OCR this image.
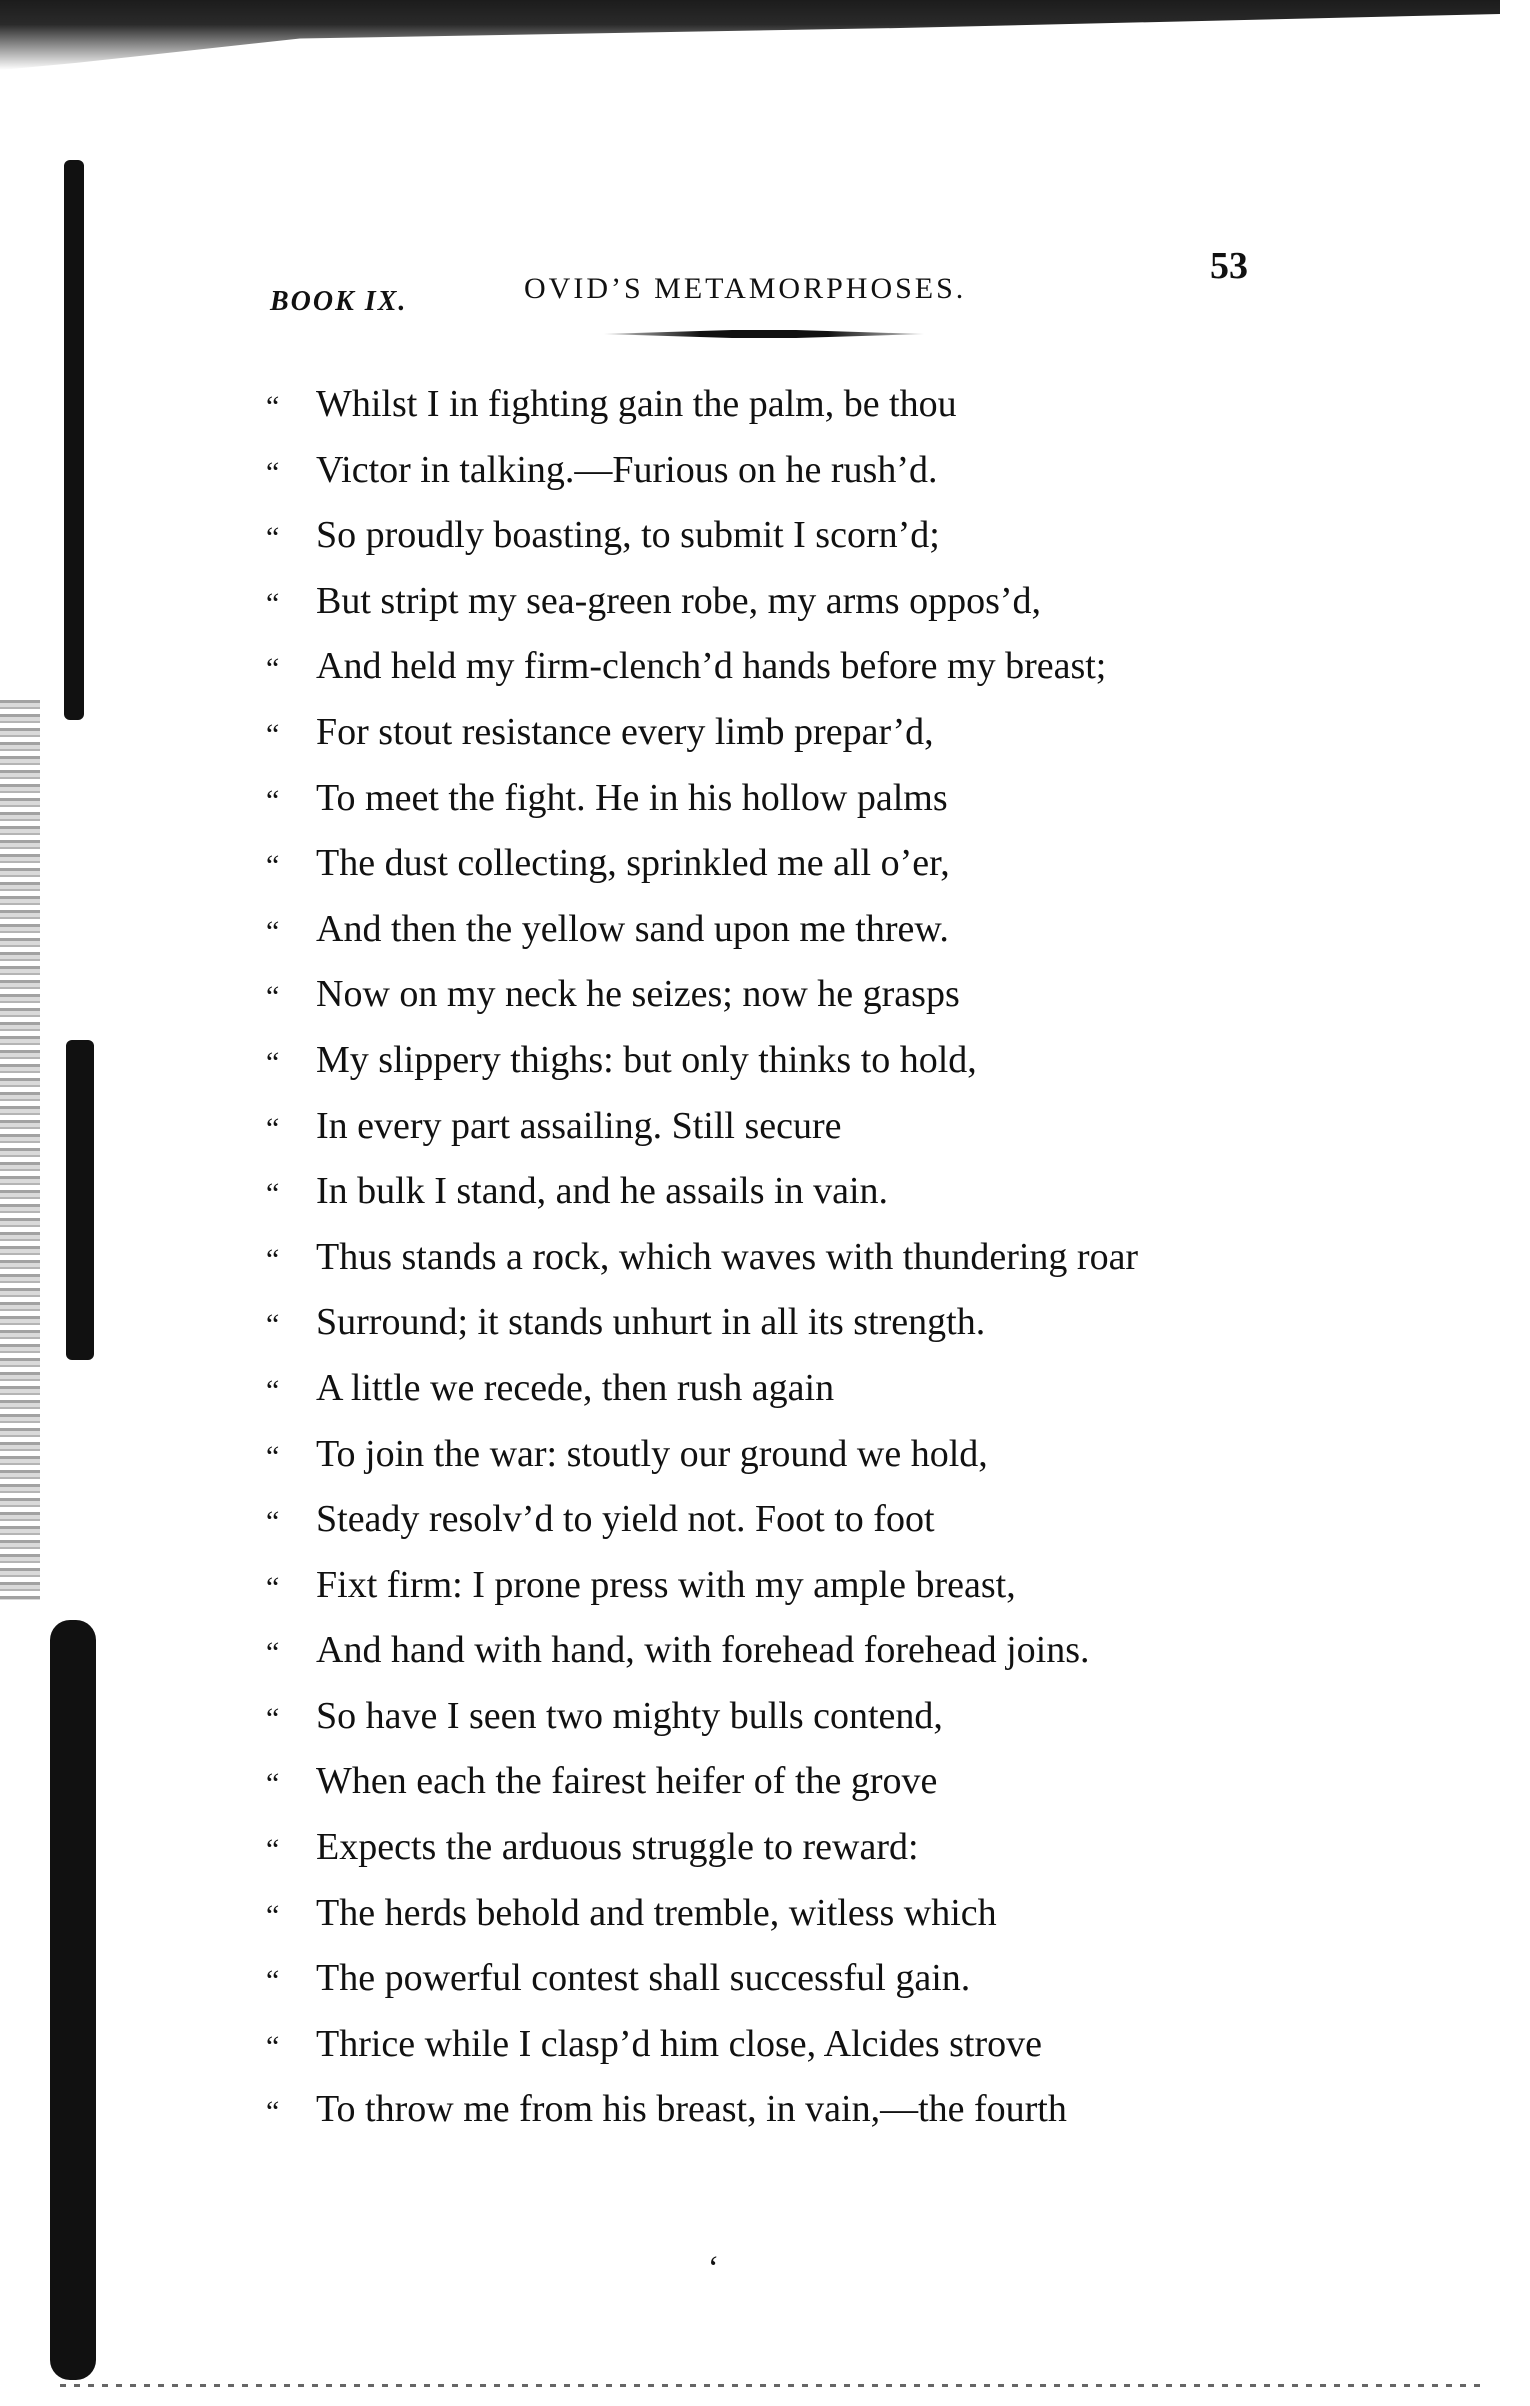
BOOK IX.	OVID’S METAMORPHOSES.
53
“ Whilst I in fighting gain the palm, be thou
“ Victor in talking.—Furious on he rush’d.
“ So proudly boasting, to submit I scorn’d;
“ But stript my sea-green robe, my arms oppos’d,
“ And held my firm-clench’d hands before my breast;
“ For stout resistance every limb prepar’d,
“ To meet the fight. He in his hollow palms
“ The dust collecting, sprinkled me all o’er,
“ And then the yellow sand upon me threw.
“ Now on my neck he seizes; now he grasps
“ My slippery thighs: but only thinks to hold,
“ In every part assailing. Still secure
“ In bulk I stand, and he assails in vain.
“ Thus stands a rock, which waves with thundering roar
“ Surround; it stands unhurt in all its strength.
“ A little we recede, then rush again
“ To join the war: stoutly our ground we hold,
“ Steady resolv’d to yield not. Foot to foot
“ Fixt firm: I prone press with my ample breast,
“ And hand with hand, with forehead forehead joins.
“ So have I seen two mighty bulls contend,
“ When each the fairest heifer of the grove
“ Expects the arduous struggle to reward:
“ The herds behold and tremble, witless which
“ The powerful contest shall successful gain.
“ Thrice while I clasp’d him close, Alcides strove
“ To throw me from his breast, in vain,—the fourth
‘
